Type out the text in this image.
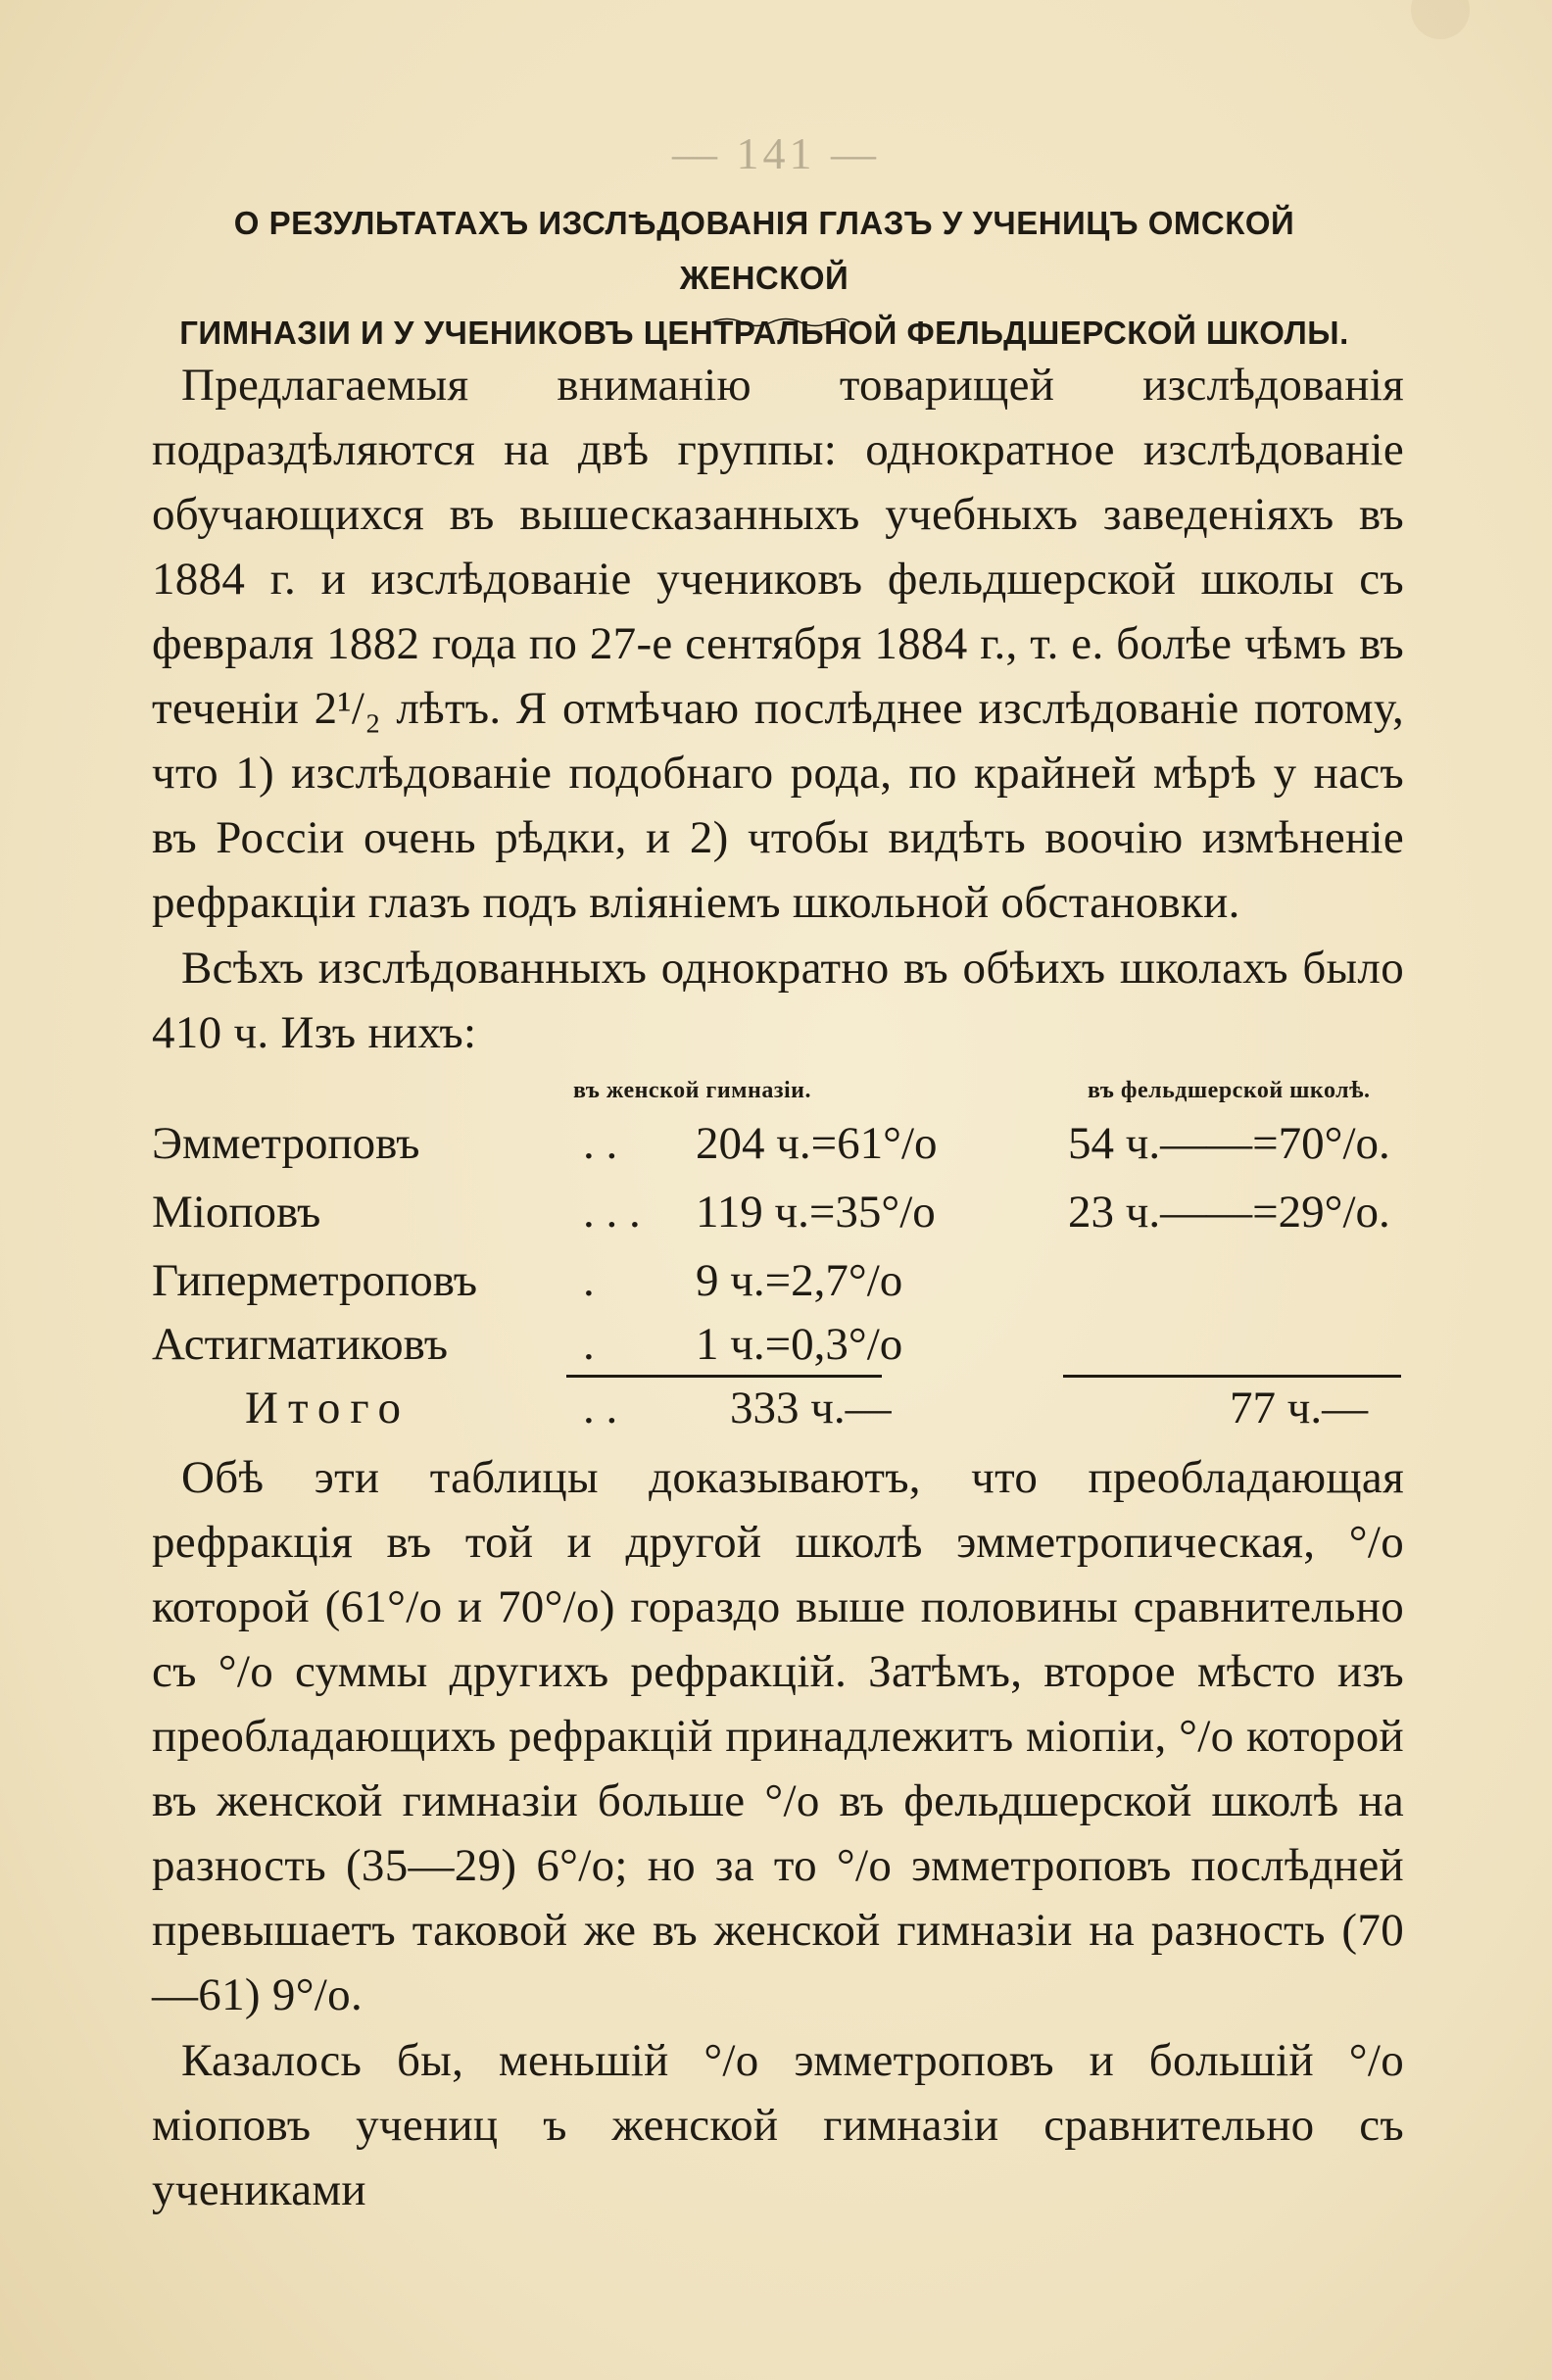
— 141 —
О РЕЗУЛЬТАТАХЪ ИЗСЛѢДОВАНІЯ ГЛАЗЪ У УЧЕНИЦЪ ОМСКОЙ ЖЕНСКОЙ
ГИМНАЗІИ И У УЧЕНИКОВЪ ЦЕНТРАЛЬНОЙ ФЕЛЬДШЕРСКОЙ ШКОЛЫ.
Предлагаемыя вниманію товарищей изслѣдованія подраздѣляются на двѣ группы: однократное изслѣдованіе обучающихся въ вышесказанныхъ учебныхъ заведеніяхъ въ 1884 г. и изслѣдованіе учениковъ фельдшерской школы съ февраля 1882 года по 27-е сентября 1884 г., т. е. болѣе чѣмъ въ теченіи 2¹/₂ лѣтъ. Я отмѣчаю послѣднее изслѣдованіе потому, что 1) изслѣдованіе подобнаго рода, по крайней мѣрѣ у насъ въ Россіи очень рѣдки, и 2) чтобы видѣть воочію измѣненіе рефракціи глазъ подъ вліяніемъ школьной обстановки.
Всѣхъ изслѣдованныхъ однократно въ обѣихъ школахъ было 410 ч. Изъ нихъ:
въ женской гимназіи.	въ фельдшерской школѣ.
Эмметроповъ	. . 204 ч.=61°/о	54 ч.——=70°/о.
Міоповъ	. . . 119 ч.=35°/о	23 ч.——=29°/о.
Гиперметроповъ . 9 ч.=2,7°/о
Астигматиковъ	. 1 ч.=0,3°/о
Итого	. . 333 ч.—	77 ч.—
Обѣ эти таблицы доказываютъ, что преобладающая рефракція въ той и другой школѣ эмметропическая, °/о которой (61°/о и 70°/о) гораздо выше половины сравнительно съ °/о суммы другихъ рефракцій. Затѣмъ, второе мѣсто изъ преобладающихъ рефракцій принадлежитъ міопіи, °/о которой въ женской гимназіи больше °/о въ фельдшерской школѣ на разность (35—29) 6°/о; но за то °/о эмметроповъ послѣдней превышаетъ таковой же въ женской гимназіи на разность (70—61) 9°/о.
Казалось бы, меньшій °/о эмметроповъ и большій °/о міоповъ учениц ъ женской гимназіи сравнительно съ учениками
